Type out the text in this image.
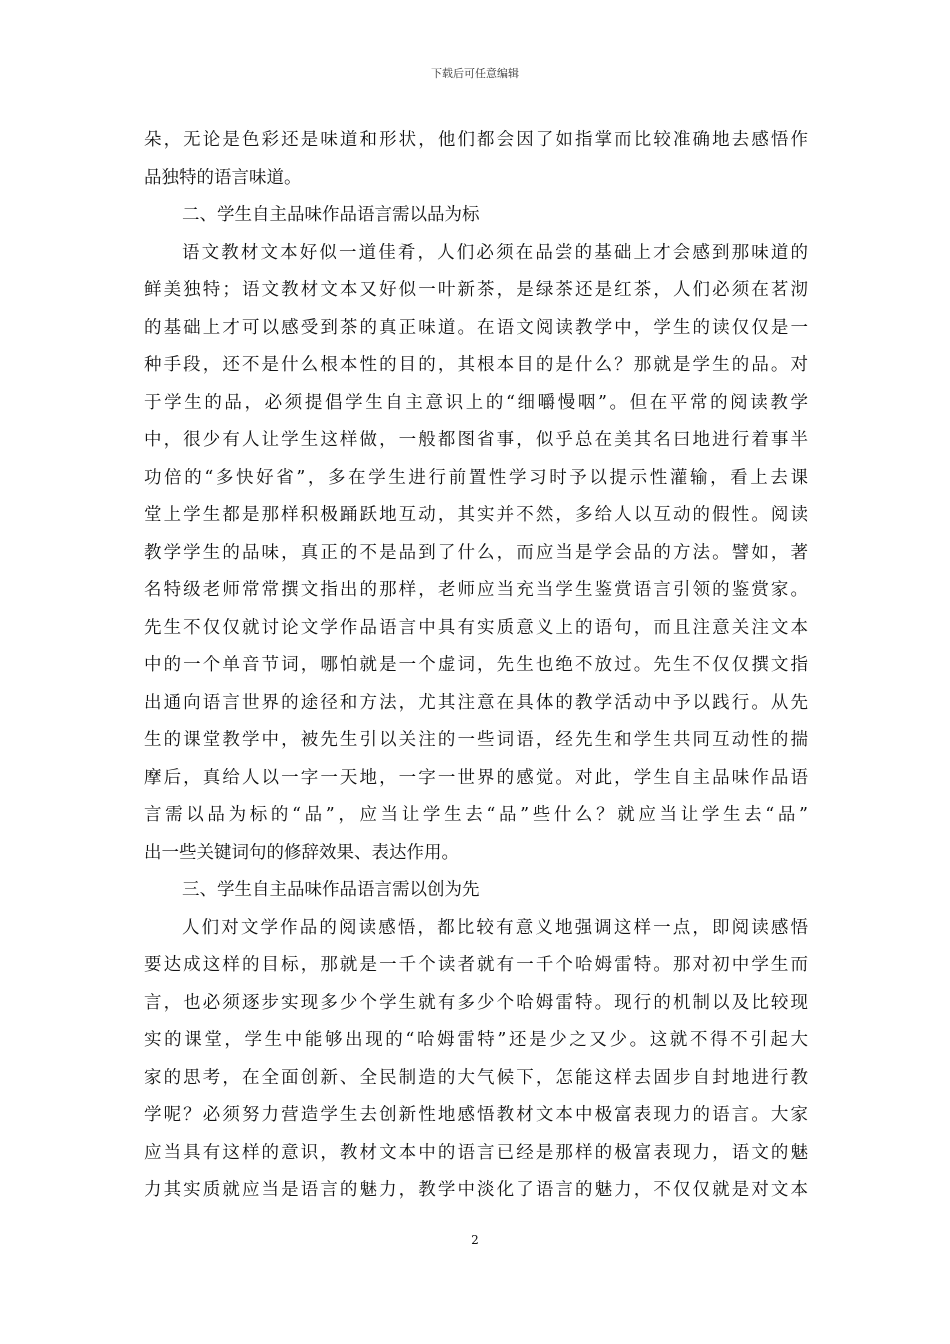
下载后可任意编辑
朵，无论是色彩还是味道和形状，他们都会因了如指掌而比较准确地去感悟作
品独特的语言味道。
二、学生自主品味作品语言需以品为标
语文教材文本好似一道佳肴，人们必须在品尝的基础上才会感到那味道的
鲜美独特；语文教材文本又好似一叶新茶，是绿茶还是红茶，人们必须在茗沏
的基础上才可以感受到茶的真正味道。在语文阅读教学中，学生的读仅仅是一
种手段，还不是什么根本性的目的，其根本目的是什么？那就是学生的品。对
于学生的品，必须提倡学生自主意识上的“细嚼慢咽”。但在平常的阅读教学
中，很少有人让学生这样做，一般都图省事，似乎总在美其名曰地进行着事半
功倍的“多快好省”，多在学生进行前置性学习时予以提示性灌输，看上去课
堂上学生都是那样积极踊跃地互动，其实并不然，多给人以互动的假性。阅读
教学学生的品味，真正的不是品到了什么，而应当是学会品的方法。譬如，著
名特级老师常常撰文指出的那样，老师应当充当学生鉴赏语言引领的鉴赏家。
先生不仅仅就讨论文学作品语言中具有实质意义上的语句，而且注意关注文本
中的一个单音节词，哪怕就是一个虚词，先生也绝不放过。先生不仅仅撰文指
出通向语言世界的途径和方法，尤其注意在具体的教学活动中予以践行。从先
生的课堂教学中，被先生引以关注的一些词语，经先生和学生共同互动性的揣
摩后，真给人以一字一天地，一字一世界的感觉。对此，学生自主品味作品语
言需以品为标的“品”，应当让学生去“品”些什么？就应当让学生去“品”
出一些关键词句的修辞效果、表达作用。
三、学生自主品味作品语言需以创为先
人们对文学作品的阅读感悟，都比较有意义地强调这样一点，即阅读感悟
要达成这样的目标，那就是一千个读者就有一千个哈姆雷特。那对初中学生而
言，也必须逐步实现多少个学生就有多少个哈姆雷特。现行的机制以及比较现
实的课堂，学生中能够出现的“哈姆雷特”还是少之又少。这就不得不引起大
家的思考，在全面创新、全民制造的大气候下，怎能这样去固步自封地进行教
学呢？必须努力营造学生去创新性地感悟教材文本中极富表现力的语言。大家
应当具有这样的意识，教材文本中的语言已经是那样的极富表现力，语文的魅
力其实质就应当是语言的魅力，教学中淡化了语言的魅力，不仅仅就是对文本
2
